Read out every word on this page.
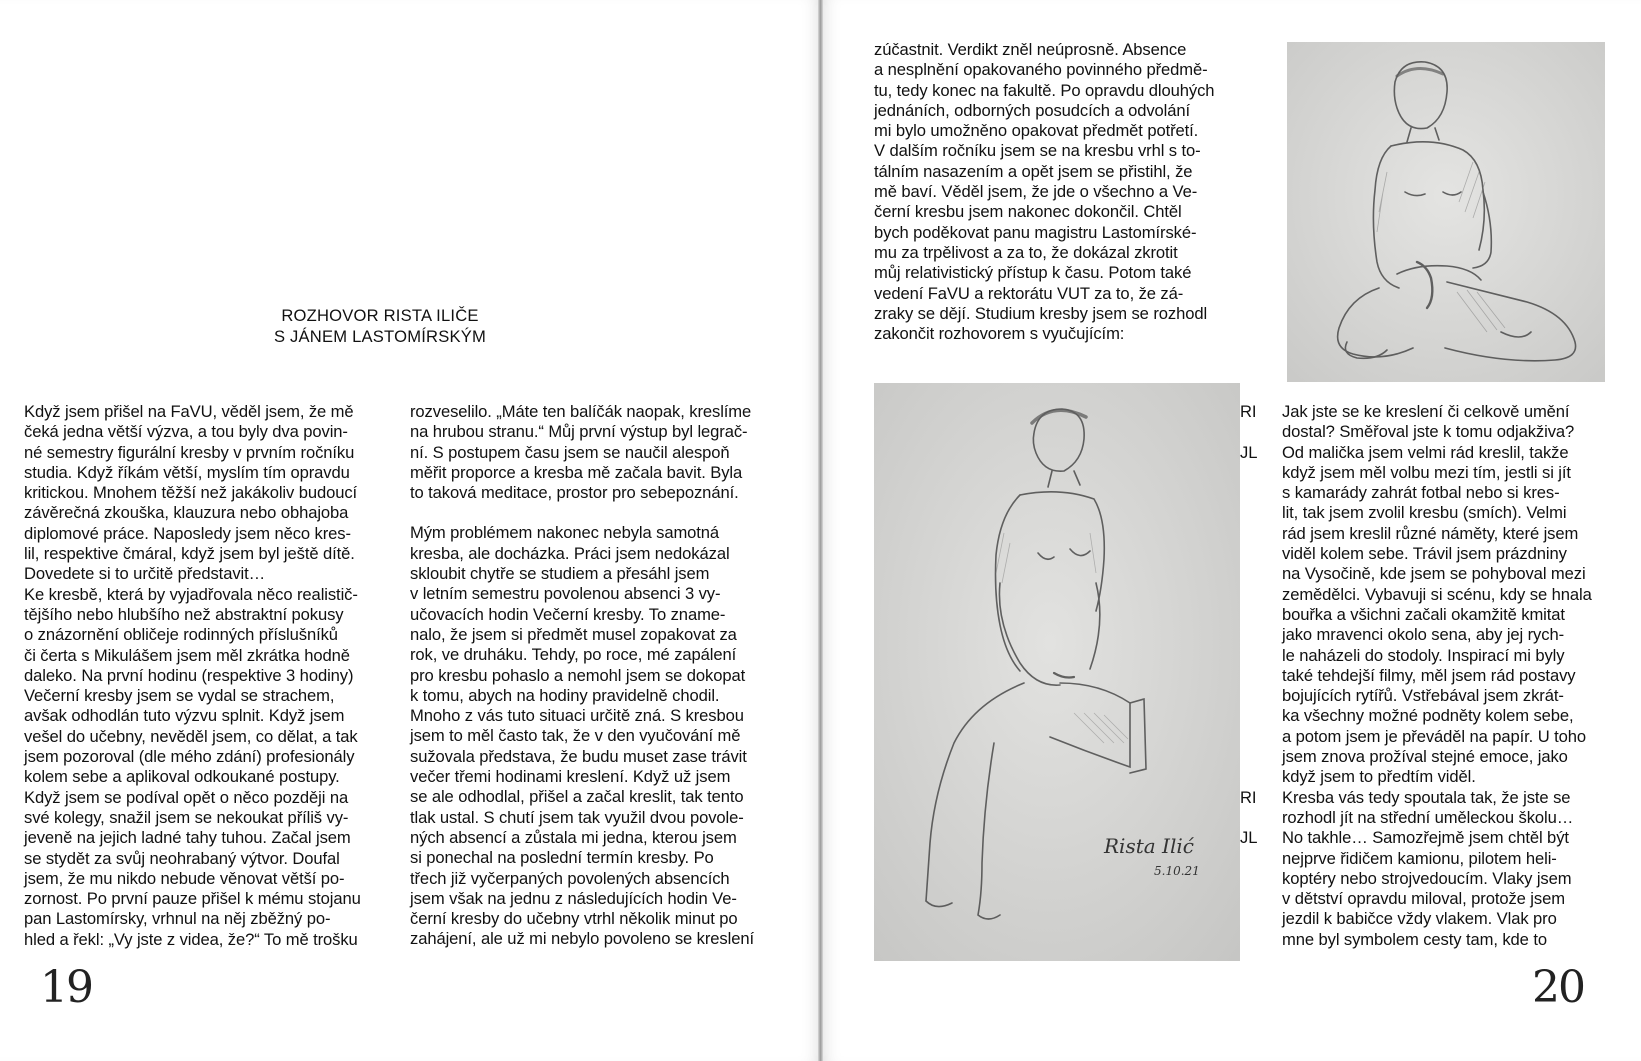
ROZHOVOR RISTA ILIČE
S JÁNEM LASTOMÍRSKÝM
Když jsem přišel na FaVU, věděl jsem, že mě
čeká jedna větší výzva, a tou byly dva povin-
né semestry figurální kresby v prvním ročníku
studia. Když říkám větší, myslím tím opravdu
kritickou. Mnohem těžší než jakákoliv budoucí
závěrečná zkouška, klauzura nebo obhajoba
diplomové práce. Naposledy jsem něco kres-
lil, respektive čmáral, když jsem byl ještě dítě.
Dovedete si to určitě představit…
Ke kresbě, která by vyjadřovala něco realistič-
tějšího nebo hlubšího než abstraktní pokusy
o znázornění obličeje rodinných příslušníků
či čerta s Mikulášem jsem měl zkrátka hodně
daleko. Na první hodinu (respektive 3 hodiny)
Večerní kresby jsem se vydal se strachem,
avšak odhodlán tuto výzvu splnit. Když jsem
vešel do učebny, nevěděl jsem, co dělat, a tak
jsem pozoroval (dle mého zdání) profesionály
kolem sebe a aplikoval odkoukané postupy.
Když jsem se podíval opět o něco později na
své kolegy, snažil jsem se nekoukat příliš vy-
jeveně na jejich ladné tahy tuhou. Začal jsem
se stydět za svůj neohrabaný výtvor. Doufal
jsem, že mu nikdo nebude věnovat větší po-
zornost. Po první pauze přišel k mému stojanu
pan Lastomírsky, vrhnul na něj zběžný po-
hled a řekl: „Vy jste z videa, že?“ To mě trošku
rozveselilo. „Máte ten balíčák naopak, kreslíme
na hrubou stranu.“ Můj první výstup byl legrač-
ní. S postupem času jsem se naučil alespoň
měřit proporce a kresba mě začala bavit. Byla
to taková meditace, prostor pro sebepoznání.
Mým problémem nakonec nebyla samotná
kresba, ale docházka. Práci jsem nedokázal
skloubit chytře se studiem a přesáhl jsem
v letním semestru povolenou absenci 3 vy-
učovacích hodin Večerní kresby. To znamе-
nalo, že jsem si předmět musel zopakovat za
rok, ve druháku. Tehdy, po roce, mé zapálení
pro kresbu pohaslo a nemohl jsem se dokopat
k tomu, abych na hodiny pravidelně chodil.
Mnoho z vás tuto situaci určitě zná. S kresbou
jsem to měl často tak, že v den vyučování mě
sužovala představa, že budu muset zase trávit
večer třemi hodinami kreslení. Když už jsem
se ale odhodlal, přišel a začal kreslit, tak tento
tlak ustal. S chutí jsem tak využil dvou povole-
ných absencí a zůstala mi jedna, kterou jsem
si ponechal na poslední termín kresby. Po
třech již vyčerpaných povolených absencích
jsem však na jednu z následujících hodin Ve-
černí kresby do učebny vtrhl několik minut po
zahájení, ale už mi nebylo povoleno se kreslení
19
zúčastnit. Verdikt zněl neúprosně. Absence
a nesplnění opakovaného povinného předmě-
tu, tedy konec na fakultě. Po opravdu dlouhých
jednáních, odborných posudcích a odvolání
mi bylo umožněno opakovat předmět potřetí.
V dalším ročníku jsem se na kresbu vrhl s to-
tálním nasazením a opět jsem se přistihl, že
mě baví. Věděl jsem, že jde o všechno a Ve-
černí kresbu jsem nakonec dokončil. Chtěl
bych poděkovat panu magistru Lastomírské-
mu za trpělivost a za to, že dokázal zkrotit
můj relativistický přístup k času. Potom také
vedení FaVU a rektorátu VUT za to, že zá-
zraky se dějí. Studium kresby jsem se rozhodl
zakončit rozhovorem s vyučujícím:
Rista Ilić
5.10.21
RI Jak jste se ke kreslení či celkově umění
dostal? Směřoval jste k tomu odjakživa?
JL Od malička jsem velmi rád kreslil, takže
když jsem měl volbu mezi tím, jestli si jít
s kamarády zahrát fotbal nebo si kres-
lit, tak jsem zvolil kresbu (smích). Velmi
rád jsem kreslil různé náměty, které jsem
viděl kolem sebe. Trávil jsem prázdniny
na Vysočině, kde jsem se pohyboval mezi
zemědělci. Vybavuji si scénu, kdy se hnala
bouřka a všichni začali okamžitě kmitat
jako mravenci okolo sena, aby jej rych-
le naházeli do stodoly. Inspirací mi byly
také tehdejší filmy, měl jsem rád postavy
bojujících rytířů. Vstřebával jsem zkrát-
ka všechny možné podněty kolem sebe,
a potom jsem je převáděl na papír. U toho
jsem znova prožíval stejné emoce, jako
když jsem to předtím viděl.
RI Kresba vás tedy spoutala tak, že jste se
rozhodl jít na střední uměleckou školu…
JL No takhle… Samozřejmě jsem chtěl být
nejprve řidičem kamionu, pilotem heli-
koptéry nebo strojvedoucím. Vlaky jsem
v dětství opravdu miloval, protože jsem
jezdil k babičce vždy vlakem. Vlak pro
mne byl symbolem cesty tam, kde to
20
